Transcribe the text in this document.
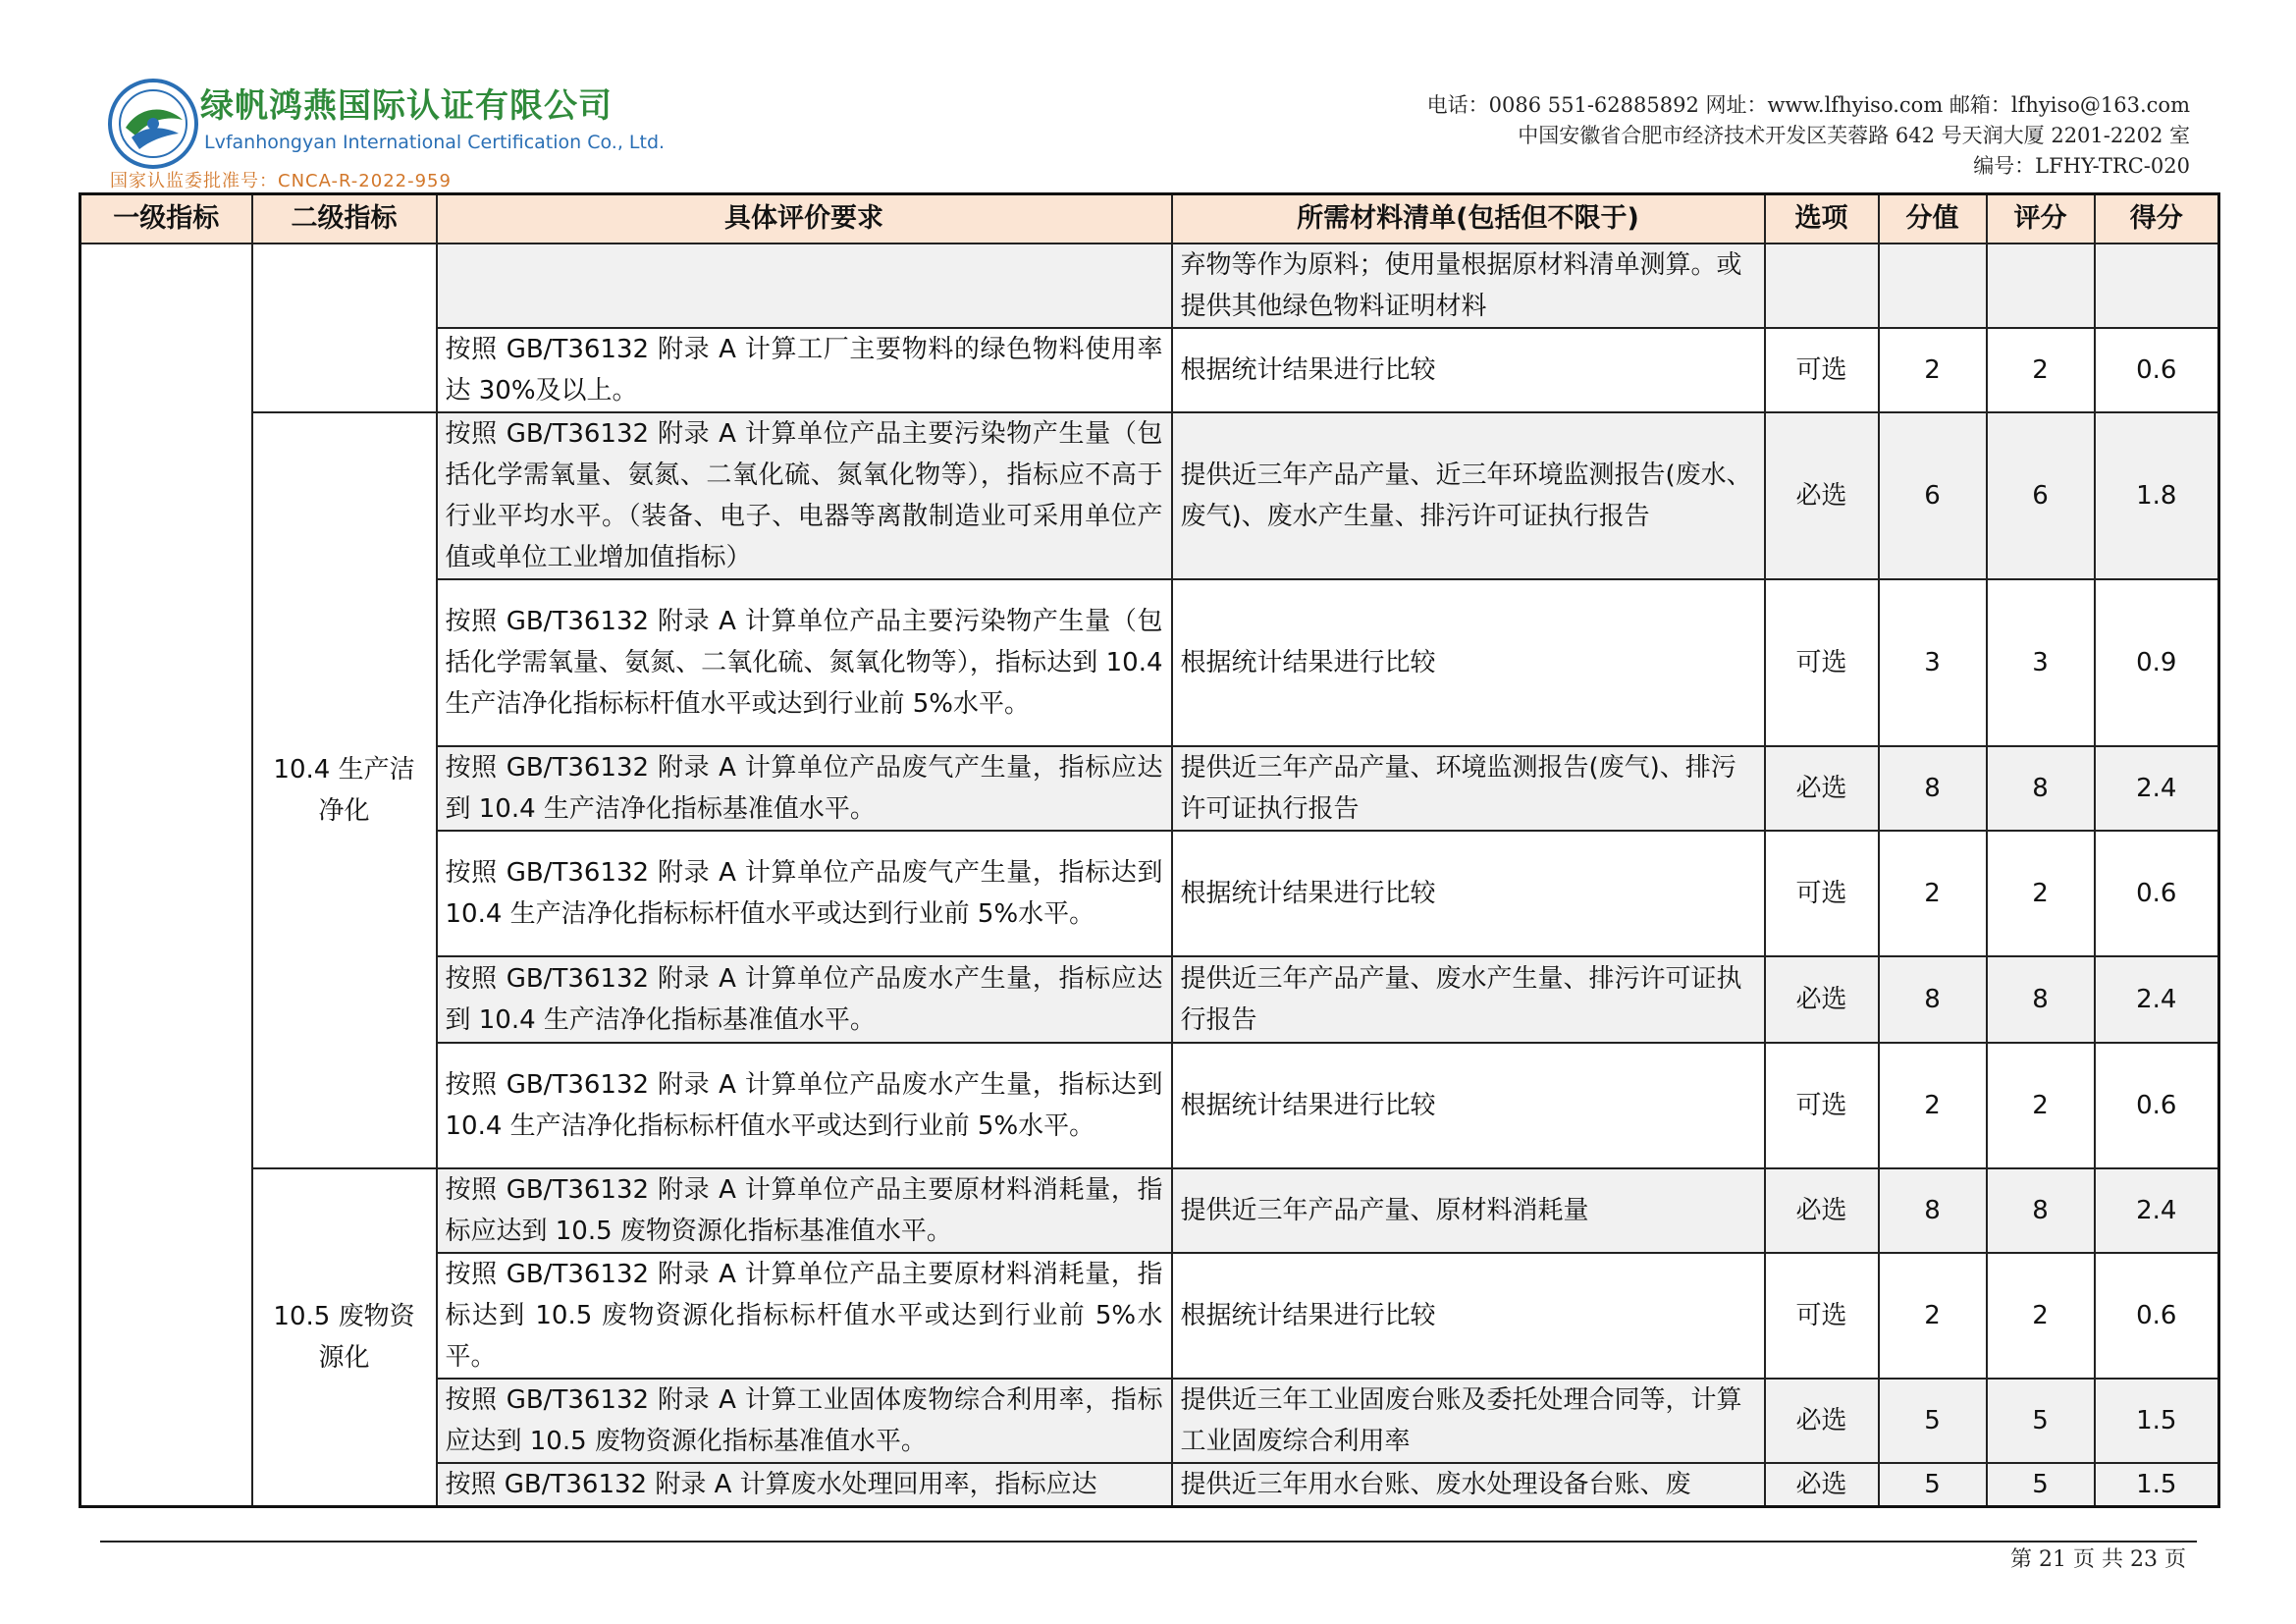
绿帆鸿燕国际认证有限公司
Lvfanhongyan International Certification Co., Ltd.
国家认监委批准号：CNCA-R-2022-959
电话：0086 551-62885892 网址：www.lfhyiso.com 邮箱：lfhyiso@163.com
中国安徽省合肥市经济技术开发区芙蓉路 642 号天润大厦 2201-2202 室
编号：LFHY-TRC-020
一级指标	二级指标	具体评价要求	所需材料清单(包括但不限于)	选项	分值	评分	得分
			弃物等作为原料；使用量根据原材料清单测算。或提供其他绿色物料证明材料				
		按照 GB/T36132 附录 A 计算工厂主要物料的绿色物料使用率达 30%及以上。	根据统计结果进行比较	可选	2	2	0.6
	10.4 生产洁净化	按照 GB/T36132 附录 A 计算单位产品主要污染物产生量（包括化学需氧量、氨氮、二氧化硫、氮氧化物等），指标应不高于行业平均水平。（装备、电子、电器等离散制造业可采用单位产值或单位工业增加值指标）	提供近三年产品产量、近三年环境监测报告(废水、废气)、废水产生量、排污许可证执行报告	必选	6	6	1.8
		按照 GB/T36132 附录 A 计算单位产品主要污染物产生量（包括化学需氧量、氨氮、二氧化硫、氮氧化物等），指标达到 10.4 生产洁净化指标标杆值水平或达到行业前 5%水平。	根据统计结果进行比较	可选	3	3	0.9
		按照 GB/T36132 附录 A 计算单位产品废气产生量，指标应达到 10.4 生产洁净化指标基准值水平。	提供近三年产品产量、环境监测报告(废气)、排污许可证执行报告	必选	8	8	2.4
		按照 GB/T36132 附录 A 计算单位产品废气产生量，指标达到 10.4 生产洁净化指标标杆值水平或达到行业前 5%水平。	根据统计结果进行比较	可选	2	2	0.6
		按照 GB/T36132 附录 A 计算单位产品废水产生量，指标应达到 10.4 生产洁净化指标基准值水平。	提供近三年产品产量、废水产生量、排污许可证执行报告	必选	8	8	2.4
		按照 GB/T36132 附录 A 计算单位产品废水产生量，指标达到 10.4 生产洁净化指标标杆值水平或达到行业前 5%水平。	根据统计结果进行比较	可选	2	2	0.6
	10.5 废物资源化	按照 GB/T36132 附录 A 计算单位产品主要原材料消耗量，指标应达到 10.5 废物资源化指标基准值水平。	提供近三年产品产量、原材料消耗量	必选	8	8	2.4
		按照 GB/T36132 附录 A 计算单位产品主要原材料消耗量，指标达到 10.5 废物资源化指标标杆值水平或达到行业前 5%水平。	根据统计结果进行比较	可选	2	2	0.6
		按照 GB/T36132 附录 A 计算工业固体废物综合利用率，指标应达到 10.5 废物资源化指标基准值水平。	提供近三年工业固废台账及委托处理合同等，计算工业固废综合利用率	必选	5	5	1.5
		按照 GB/T36132 附录 A 计算废水处理回用率，指标应达	提供近三年用水台账、废水处理设备台账、废	必选	5	5	1.5
第 21 页 共 23 页
